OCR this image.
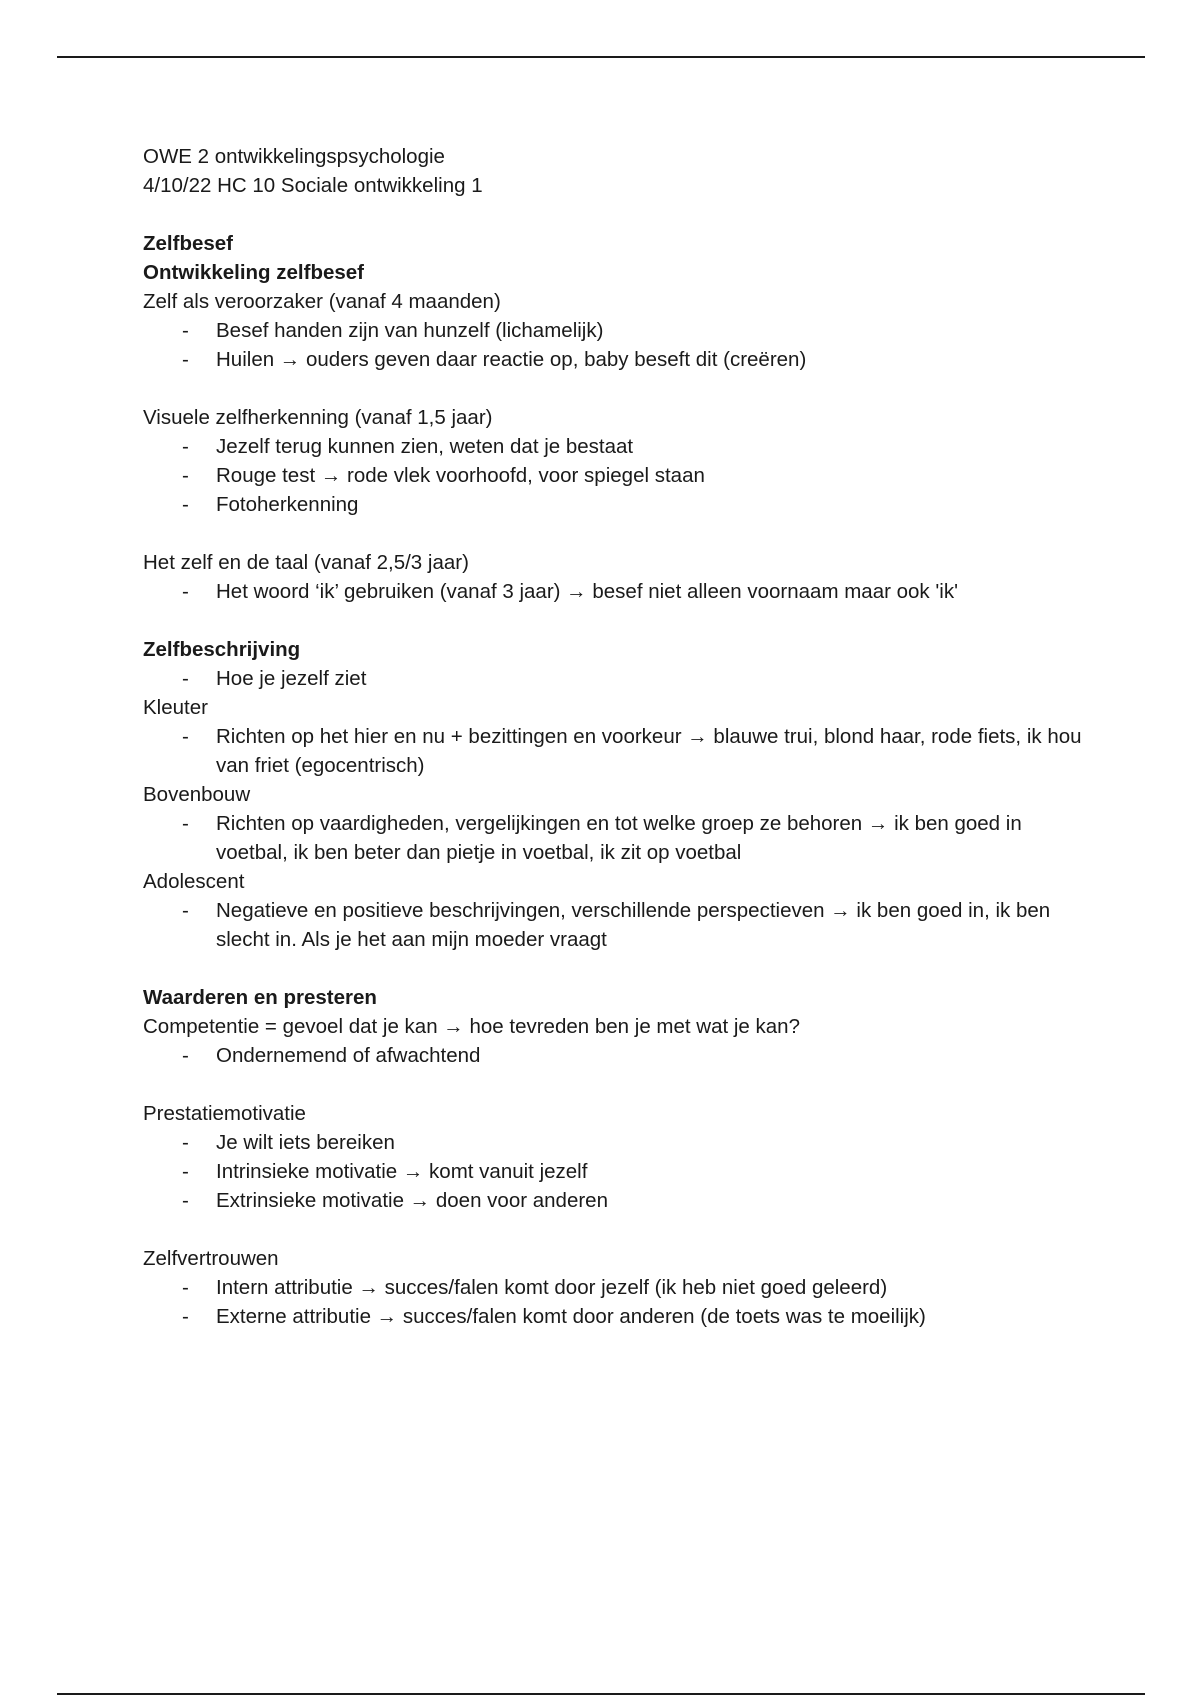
OWE 2 ontwikkelingspsychologie

4/10/22 HC 10 Sociale ontwikkeling 1

Zelfbesef

Ontwikkeling zelfbesef

Zelf als veroorzaker (vanaf 4 maanden)

- Besef handen zijn van hunzelf (lichamelijk)

- Huilen → ouders geven daar reactie op, baby beseft dit (creëren)

Visuele zelfherkenning (vanaf 1,5 jaar)

- Jezelf terug kunnen zien, weten dat je bestaat

- Rouge test → rode vlek voorhoofd, voor spiegel staan

- Fotoherkenning

Het zelf en de taal (vanaf 2,5/3 jaar)

- Het woord ‘ik’ gebruiken (vanaf 3 jaar) → besef niet alleen voornaam maar ook 'ik'

Zelfbeschrijving

- Hoe je jezelf ziet

Kleuter

- Richten op het hier en nu + bezittingen en voorkeur → blauwe trui, blond haar, rode fiets, ik hou van friet (egocentrisch)

Bovenbouw

- Richten op vaardigheden, vergelijkingen en tot welke groep ze behoren → ik ben goed in voetbal, ik ben beter dan pietje in voetbal, ik zit op voetbal

Adolescent

- Negatieve en positieve beschrijvingen, verschillende perspectieven → ik ben goed in, ik ben slecht in. Als je het aan mijn moeder vraagt

Waarderen en presteren

Competentie = gevoel dat je kan → hoe tevreden ben je met wat je kan?

- Ondernemend of afwachtend

Prestatiemotivatie

- Je wilt iets bereiken

- Intrinsieke motivatie → komt vanuit jezelf

- Extrinsieke motivatie → doen voor anderen

Zelfvertrouwen

- Intern attributie → succes/falen komt door jezelf (ik heb niet goed geleerd)

- Externe attributie → succes/falen komt door anderen (de toets was te moeilijk)
